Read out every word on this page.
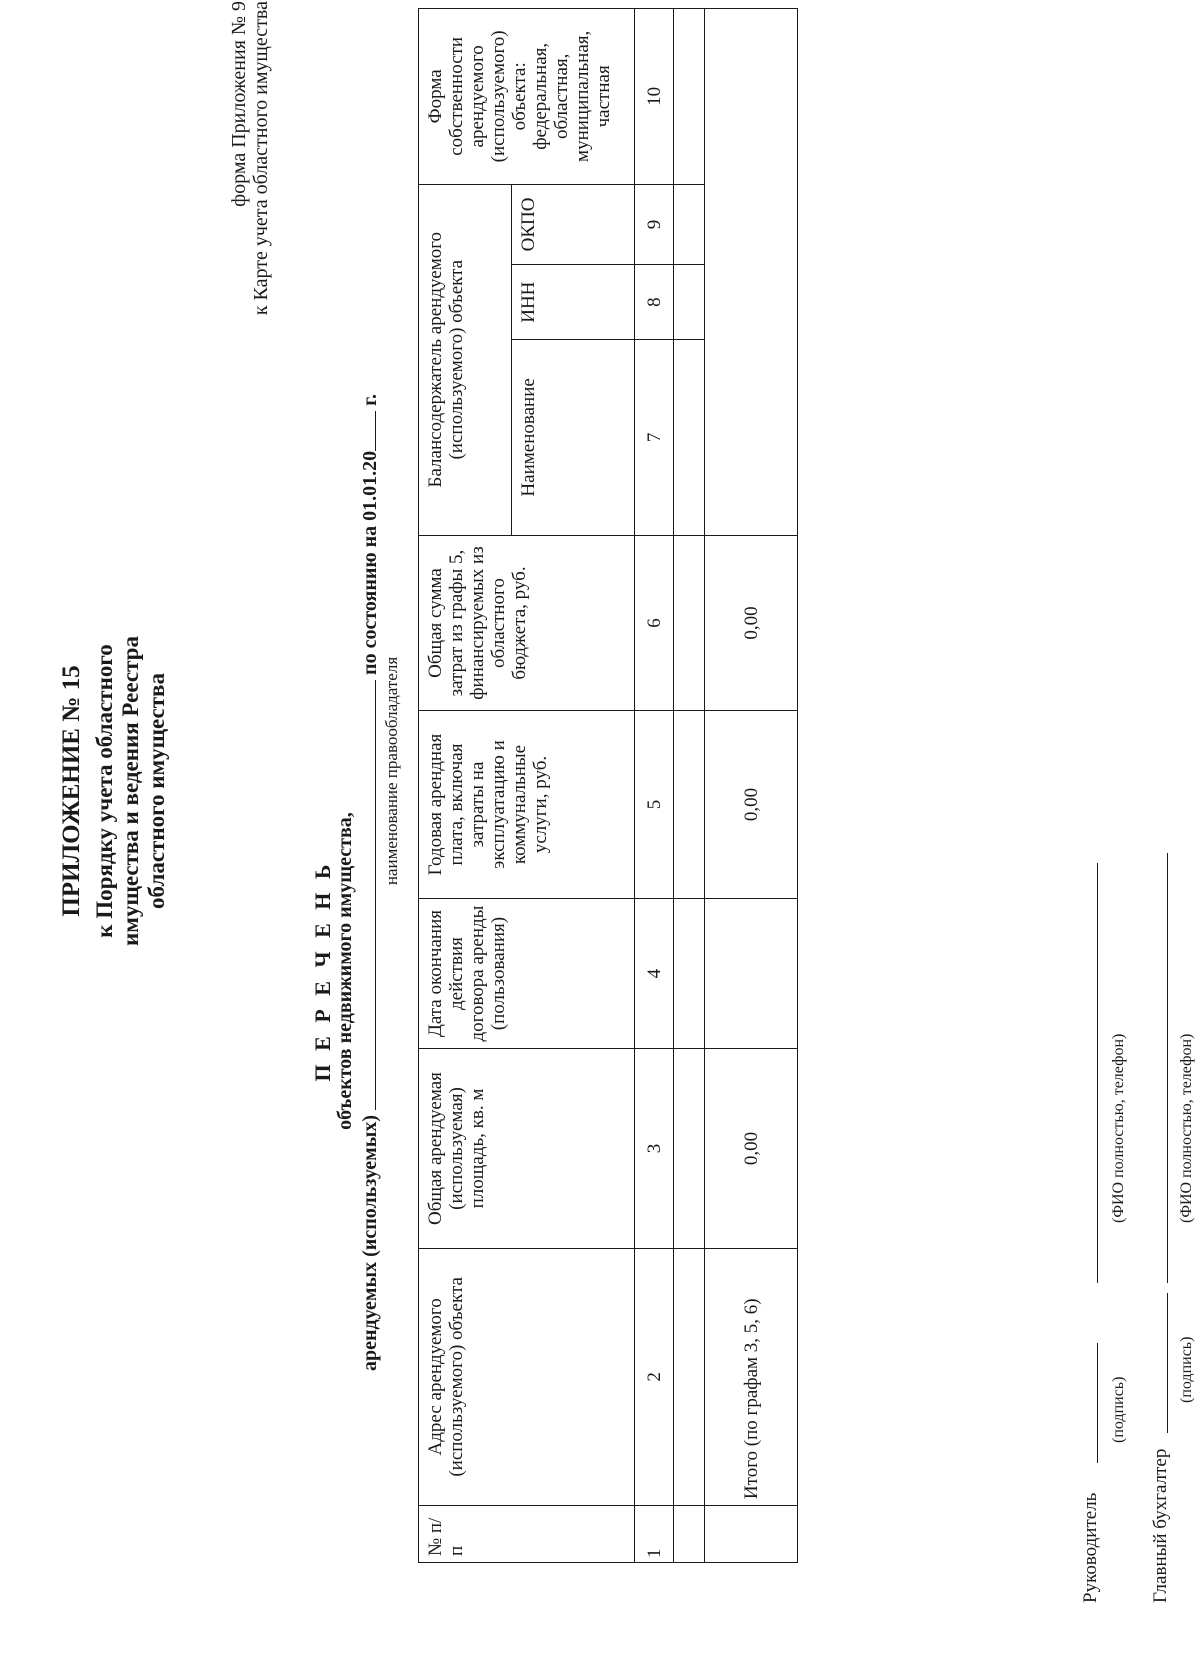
ПРИЛОЖЕНИЕ № 15 к Порядку учета областного имущества и ведения Реестра областного имущества
форма Приложения № 9 к Карте учета областного имущества
П Е Р Е Ч Е Н Ь объектов недвижимого имущества,
арендуемых (используемых)  по состоянию на 01.01.20 г.
наименование правообладателя
№ п/п	Адрес арендуемого (используемого) объекта	Общая арендуемая (используемая) площадь, кв. м	Дата окончания действия договора аренды (пользования)	Годовая арендная плата, включая затраты на эксплуатацию и коммунальные услуги, руб.	Общая сумма затрат из графы 5, финансируемых из областного бюджета, руб.	Балансодержатель арендуемого (используемого) объекта			Форма собственности арендуемого (используемого) объекта: федеральная, областная, муниципальная, частная
						Наименование	ИНН	ОКПО	
1	2	3	4	5	6	7	8	9	10

	Итого (по графам 3, 5, 6)	0,00		0,00	0,00				
Руководитель
(подпись)
(ФИО полностью, телефон)
Главный бухгалтер
(подпись)
(ФИО полностью, телефон)
